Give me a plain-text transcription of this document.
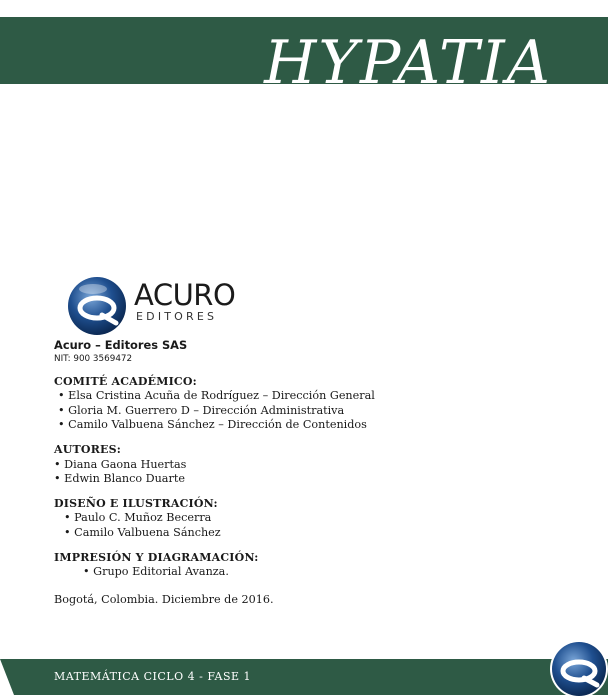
HYPATIA
ACURO
EDITORES
Acuro – Editores SAS
NIT: 900 3569472
COMITÉ ACADÉMICO:
• Elsa Cristina Acuña de Rodríguez – Dirección General
• Gloria M. Guerrero D – Dirección Administrativa
• Camilo Valbuena Sánchez – Dirección de Contenidos
AUTORES:
• Diana Gaona Huertas
• Edwin Blanco Duarte
DISEÑO E ILUSTRACIÓN:
• Paulo C. Muñoz Becerra
• Camilo Valbuena Sánchez
IMPRESIÓN Y DIAGRAMACIÓN:
• Grupo Editorial Avanza.
Bogotá, Colombia. Diciembre de 2016.
MATEMÁTICA CICLO 4 - FASE 1
